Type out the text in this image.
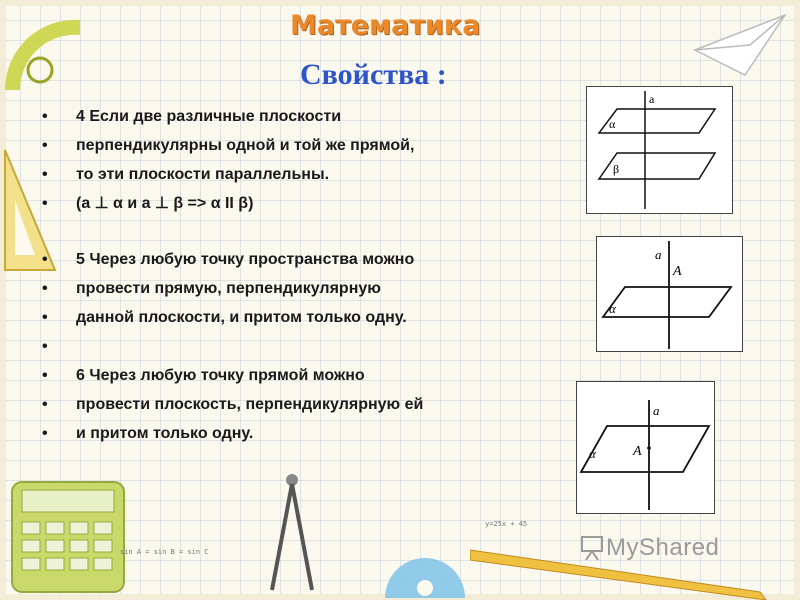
sin A = sin B = sin C
y=25x + 45
Математика
Свойства :
• 4 Если две различные плоскости
• перпендикулярны одной и той же прямой,
• то эти плоскости параллельны.
• (a ⊥ α и a ⊥ β => α II β)
• 5 Через любую точку пространства можно
• провести прямую, перпендикулярную
• данной плоскости, и притом только одну.
•
• 6 Через любую точку прямой можно
• провести плоскость, перпендикулярную ей
• и притом только одну.
a
α
β
a
A
α
a
A
α
MyShared
